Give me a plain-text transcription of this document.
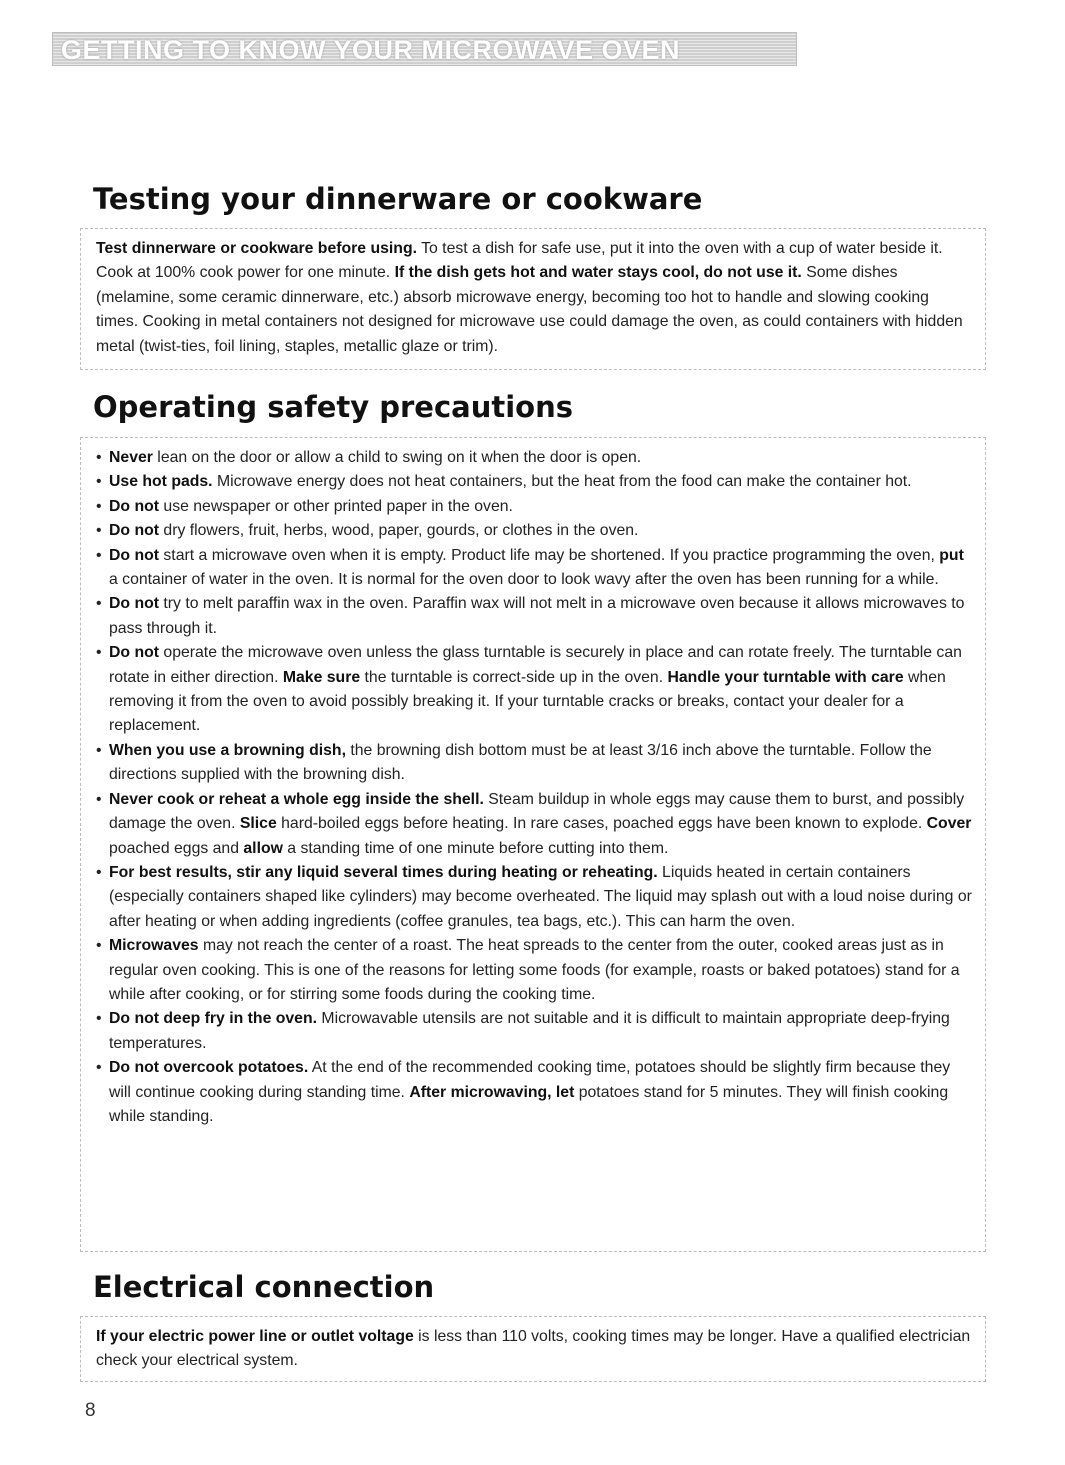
GETTING TO KNOW YOUR MICROWAVE OVEN
Testing your dinnerware or cookware

Test dinnerware or cookware before using. To test a dish for safe use, put it into the oven with a cup of water beside it. Cook at 100% cook power for one minute. If the dish gets hot and water stays cool, do not use it. Some dishes (melamine, some ceramic dinnerware, etc.) absorb microwave energy, becoming too hot to handle and slowing cooking times. Cooking in metal containers not designed for microwave use could damage the oven, as could containers with hidden metal (twist-ties, foil lining, staples, metallic glaze or trim).

Operating safety precautions
• Never lean on the door or allow a child to swing on it when the door is open.
• Use hot pads. Microwave energy does not heat containers, but the heat from the food can make the container hot.
• Do not use newspaper or other printed paper in the oven.
• Do not dry flowers, fruit, herbs, wood, paper, gourds, or clothes in the oven.
• Do not start a microwave oven when it is empty. Product life may be shortened. If you practice programming the oven, put a container of water in the oven. It is normal for the oven door to look wavy after the oven has been running for a while.
• Do not try to melt paraffin wax in the oven. Paraffin wax will not melt in a microwave oven because it allows microwaves to pass through it.
• Do not operate the microwave oven unless the glass turntable is securely in place and can rotate freely. The turntable can rotate in either direction. Make sure the turntable is correct-side up in the oven. Handle your turntable with care when removing it from the oven to avoid possibly breaking it. If your turntable cracks or breaks, contact your dealer for a replacement.
• When you use a browning dish, the browning dish bottom must be at least 3/16 inch above the turntable. Follow the directions supplied with the browning dish.
• Never cook or reheat a whole egg inside the shell. Steam buildup in whole eggs may cause them to burst, and possibly damage the oven. Slice hard-boiled eggs before heating. In rare cases, poached eggs have been known to explode. Cover poached eggs and allow a standing time of one minute before cutting into them.
• For best results, stir any liquid several times during heating or reheating. Liquids heated in certain containers (especially containers shaped like cylinders) may become overheated. The liquid may splash out with a loud noise during or after heating or when adding ingredients (coffee granules, tea bags, etc.). This can harm the oven.
• Microwaves may not reach the center of a roast. The heat spreads to the center from the outer, cooked areas just as in regular oven cooking. This is one of the reasons for letting some foods (for example, roasts or baked potatoes) stand for a while after cooking, or for stirring some foods during the cooking time.
• Do not deep fry in the oven. Microwavable utensils are not suitable and it is difficult to maintain appropriate deep-frying temperatures.
• Do not overcook potatoes. At the end of the recommended cooking time, potatoes should be slightly firm because they will continue cooking during standing time. After microwaving, let potatoes stand for 5 minutes. They will finish cooking while standing.
Electrical connection

If your electric power line or outlet voltage is less than 110 volts, cooking times may be longer. Have a qualified electrician check your electrical system.

8
